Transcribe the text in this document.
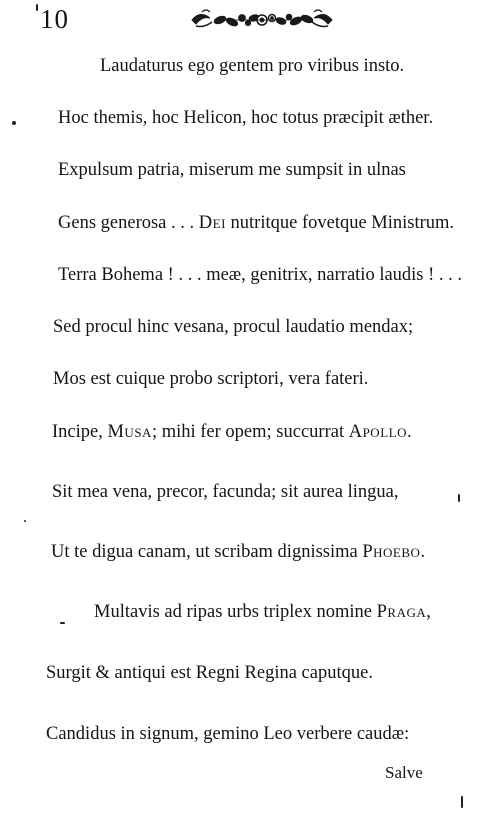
10
Laudaturus ego gentem pro viribus insto.
Hoc themis, hoc Helicon, hoc totus præcipit æther.
Expulsum patria, miserum me sumpsit in ulnas
Gens generosa . . . Dei nutritque fovetque Ministrum.
Terra Bohema ! . . . meæ, genitrix, narratio laudis ! . . .
Sed procul hinc vesana, procul laudatio mendax;
Mos est cuique probo scriptori, vera fateri.
Incipe, Musa; mihi fer opem; succurrat Apollo.
Sit mea vena, precor, facunda; sit aurea lingua,
Ut te digua canam, ut scribam dignissima Phoebo.
Multavis ad ripas urbs triplex nomine Praga,
Surgit & antiqui est Regni Regina caputque.
Candidus in signum, gemino Leo verbere caudæ:
Salve
